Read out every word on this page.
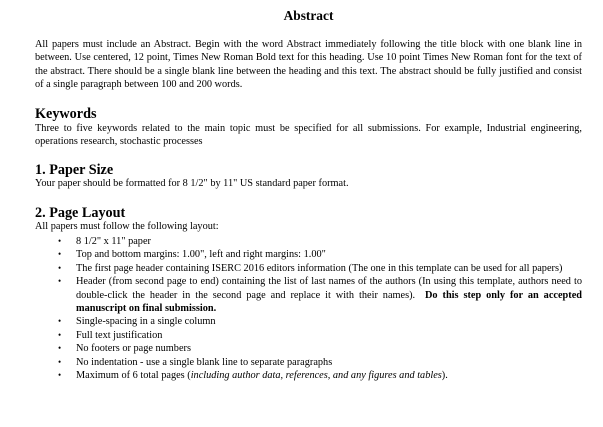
Abstract

All papers must include an Abstract. Begin with the word Abstract immediately following the title block with one blank line in between. Use centered, 12 point, Times New Roman Bold text for this heading. Use 10 point Times New Roman font for the text of the abstract. There should be a single blank line between the heading and this text. The abstract should be fully justified and consist of a single paragraph between 100 and 200 words.

Keywords

Three to five keywords related to the main topic must be specified for all submissions. For example, Industrial engineering, operations research, stochastic processes

1. Paper Size

Your paper should be formatted for 8 1/2" by 11" US standard paper format.

2. Page Layout

All papers must follow the following layout:

• 8 1/2" x 11" paper
• Top and bottom margins: 1.00", left and right margins: 1.00"
• The first page header containing ISERC 2016 editors information (The one in this template can be used for all papers)
• Header (from second page to end) containing the list of last names of the authors (In using this template, authors need to double-click the header in the second page and replace it with their names). Do this step only for an accepted manuscript on final submission.
• Single-spacing in a single column
• Full text justification
• No footers or page numbers
• No indentation - use a single blank line to separate paragraphs
• Maximum of 6 total pages (including author data, references, and any figures and tables).
